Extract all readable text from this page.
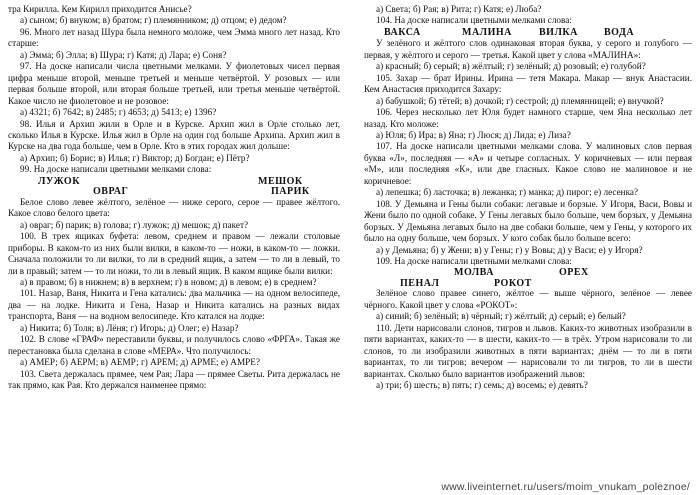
тра Кирилла. Кем Кирилл приходится Анисье?

а) сыном; б) внуком; в) братом; г) племянником; д) отцом; е) дедом?

96. Много лет назад Шура была немного моложе, чем Эмма много лет назад. Кто старше:

а) Эмма; б) Элла; в) Шура; г) Катя; д) Лара; е) Соня?

97. На доске написали числа цветными мелками. У фиолетовых чисел первая цифра меньше второй, меньше третьей и меньше четвёртой. У розовых — или первая больше второй, или вторая больше третьей, или третья меньше четвёртой. Какое число не фиолетовое и не розовое:

а) 4321; б) 7642; в) 2485; г) 4653; д) 5413; е) 1396?

98. Илья и Архип жили в Орле и в Курске. Архип жил в Орле столько лет, сколько Илья в Курске. Илья жил в Орле на один год больше Архипа. Архип жил в Курске на два года больше, чем в Орле. Кто в этих городах жил дольше:

а) Архип; б) Борис; в) Илья; г) Виктор; д) Богдан; е) Пётр?

99. На доске написали цветными мелками слова:

ЛУЖОК	МЕШОК
ОВРАГ	ПАРИК

Белое слово левее жёлтого, зелёное — ниже серого, серое — правее жёлтого. Какое слово белого цвета:

а) овраг; б) парик; в) голова; г) лужок; д) мешок; д) пакет?

100. В трех ящиках буфета: левом, среднем и правом — лежали столовые приборы. В каком-то из них были вилки, в каком-то — ножи, в каком-то — ложки. Сначала положили то ли вилки, то ли в средний ящик, а затем — то ли в левый, то ли в правый; затем — то ли ножи, то ли в левый ящик. В каком ящике были вилки:

а) в правом; б) в нижнем; в) в верхнем; г) в новом; д) в левом; е) в среднем?

101. Назар, Ваня, Никита и Гена катались: два мальчика — на одном велосипеде, два — на лодке. Никита и Гена, Назар и Никита катались на разных видах транспорта, Ваня — на водном велосипеде. Кто катался на лодке:

а) Никита; б) Толя; в) Лёня; г) Игорь; д) Олег; е) Назар?

102. В слове «ГРАФ» переставили буквы, и получилось слово «ФРГА». Такая же перестановка была сделана в слове «МЕРА». Что получилось:

а) АМЕР; б) АЕРМ; в) АЕМР; г) АРЕМ; д) АРМЕ; е) АМРЕ?

103. Света держалась прямее, чем Рая; Лара — прямее Светы. Рита держалась не так прямо, как Рая. Кто держался наименее прямо:

а) Света; б) Рая; в) Рита; г) Катя; е) Люба?

104. На доске написали цветными мелками слова:

ВАКСА	МАЛИНА	ВИЛКА	ВОДА

У зелёного и жёлтого слов одинаковая вторая буква, у серого и голубого — первая, у жёлтого и серого — третья. Какой цвет у слова «МАЛИНА»:

а) красный; б) серый; в) жёлтый; г) зелёный; д) розовый; е) голубой?

105. Захар — брат Ирины. Ирина — тетя Макара. Макар — внук Анастасии. Кем Анастасия приходится Захару:

а) бабушкой; б) тётей; в) дочкой; г) сестрой; д) племянницей; е) внучкой?

106. Через несколько лет Юля будет намного старше, чем Яна несколько лет назад. Кто моложе:

а) Юля; б) Ира; в) Яна; г) Люся; д) Лида; е) Лиза?

107. На доске написали цветными мелками слова. У малиновых слов первая буква «Л», последняя — «А» и четыре согласных. У коричневых — или первая «М», или последняя «К», или две гласных. Какое слово не малиновое и не коричневое:

а) лепешка; б) ласточка; в) лежанка; г) манка; д) пирог; е) лесенка?

108. У Демьяна и Гены были собаки: легавые и борзые. У Игоря, Васи, Вовы и Жени было по одной собаке. У Гены легавых было больше, чем борзых, у Демьяна борзых. У Демьяна легавых было на две собаки больше, чем у Гены, у которого их было на одну больше, чем борзых. У кого собак было больше всего:

а) у Демьяна; б) у Жени; в) у Гены; г) у Вовы; д) у Васи; е) у Игоря?

109. На доске написали цветными мелками слова:

МОЛВА	ОРЕХ
ПЕНАЛ	РОКОТ

Зелёное слово правее синего, жёлтое — выше чёрного, зелёное — левее чёрного. Какой цвет у слова «РОКОТ»:

а) синий; б) зелёный; в) чёрный; г) жёлтый; д) серый; е) белый?

110. Дети нарисовали слонов, тигров и львов. Каких-то животных изобразили в пяти вариантах, каких-то — в шести, каких-то — в трёх. Утром нарисовали то ли слонов, то ли изобразили животных в пяти вариантах; днём — то ли в пяти вариантах, то ли тигров; вечером — нарисовали то ли тигров, то ли в шести вариантах. Сколько было вариантов изображений львов:

а) три; б) шесть; в) пять; г) семь; д) восемь; е) девять?

www.liveinternet.ru/users/moim_vnukam_poleznoe/
